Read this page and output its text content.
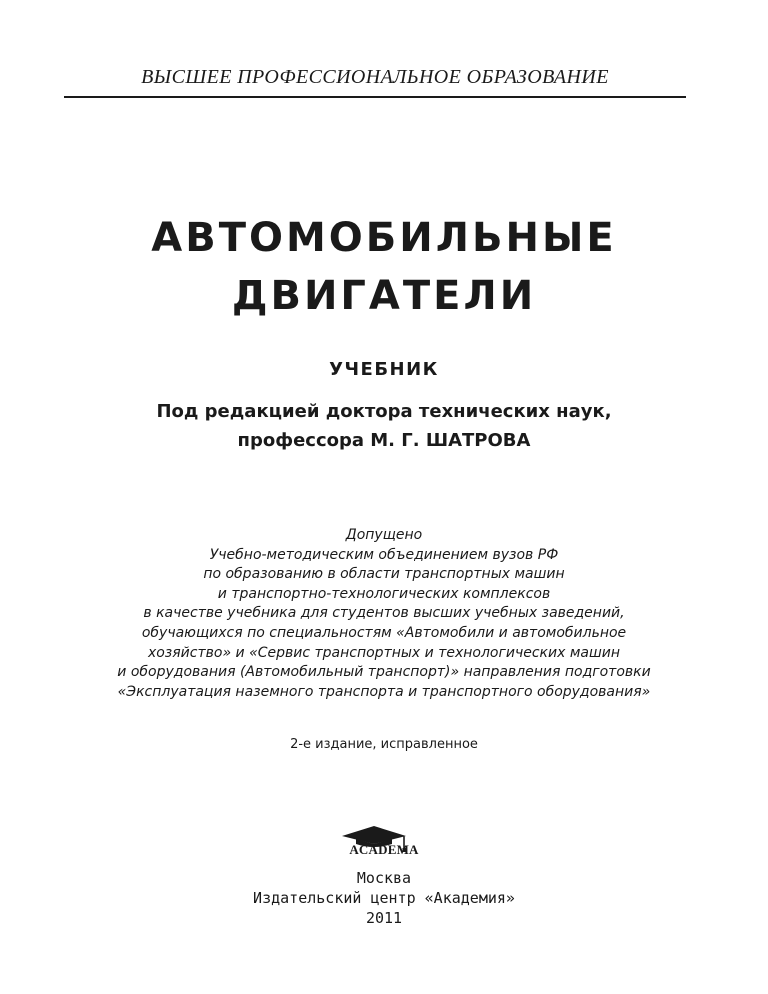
ВЫСШЕЕ ПРОФЕССИОНАЛЬНОЕ ОБРАЗОВАНИЕ
АВТОМОБИЛЬНЫЕ
ДВИГАТЕЛИ
УЧЕБНИК
Под редакцией доктора технических наук,
профессора М. Г. ШАТРОВА
Допущено
Учебно-методическим объединением вузов РФ
по образованию в области транспортных машин
и транспортно-технологических комплексов
в качестве учебника для студентов высших учебных заведений,
обучающихся по специальностям «Автомобили и автомобильное
хозяйство» и «Сервис транспортных и технологических машин
и оборудования (Автомобильный транспорт)» направления подготовки
«Эксплуатация наземного транспорта и транспортного оборудования»
2-е издание, исправленное
ACADEMA
Москва
Издательский центр «Академия»
2011
